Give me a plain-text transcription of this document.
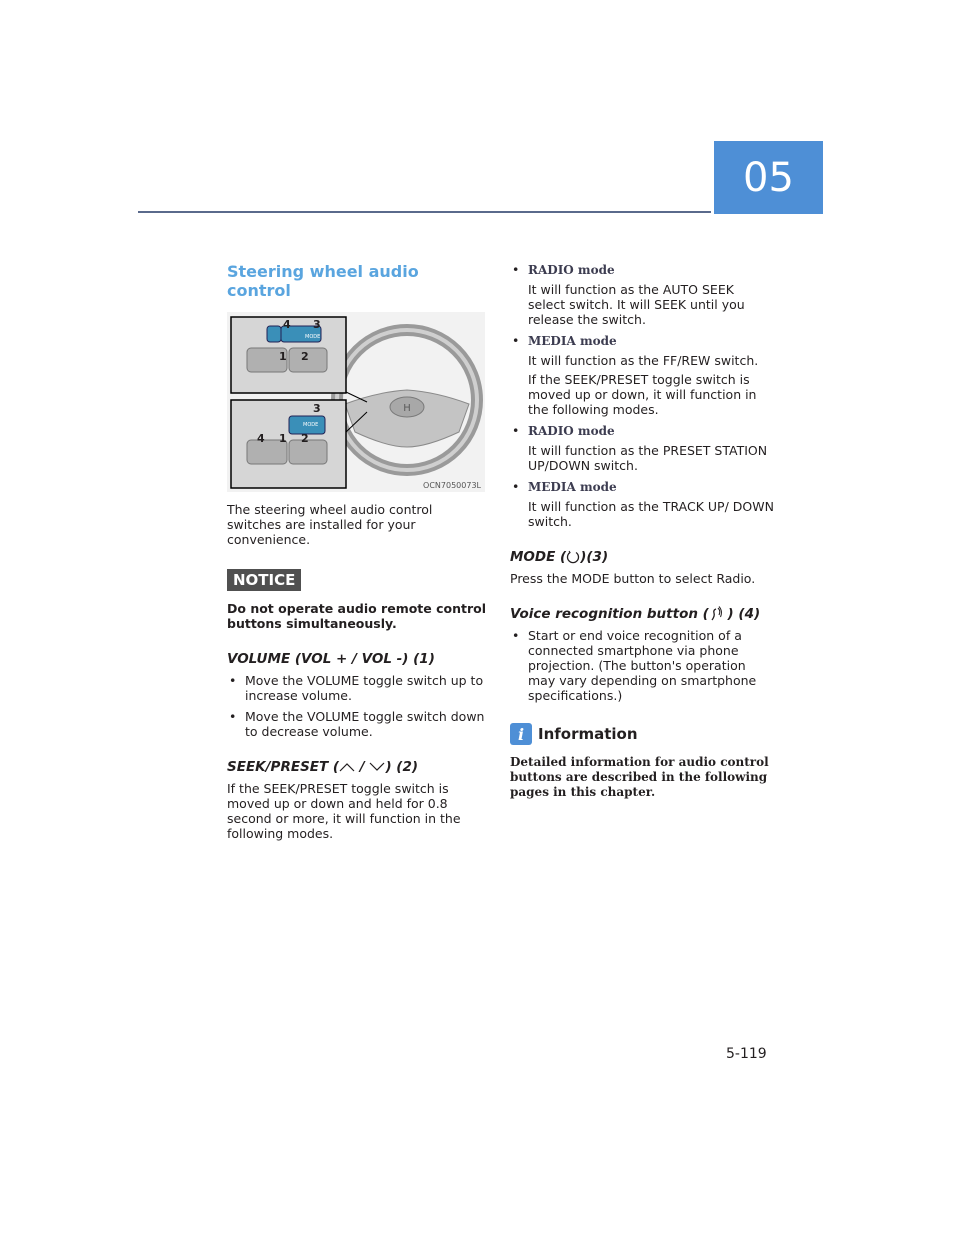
05
Steering wheel audio control
H
4 3
MODE
1 2
3
MODE
4 1 2
OCN7050073L

The steering wheel audio control switches are installed for your convenience.

NOTICE

Do not operate audio remote control buttons simultaneously.

VOLUME (VOL + / VOL -) (1)
• Move the VOLUME toggle switch up to increase volume.
• Move the VOLUME toggle switch down to decrease volume.
SEEK/PRESET ( / ) (2)

If the SEEK/PRESET toggle switch is moved up or down and held for 0.8 second or more, it will function in the following modes.

• RADIO mode
It will function as the AUTO SEEK select switch. It will SEEK until you release the switch.
• MEDIA mode
It will function as the FF/REW switch.
If the SEEK/PRESET toggle switch is moved up or down, it will function in the following modes.
• RADIO mode
It will function as the PRESET STATION UP/DOWN switch.
• MEDIA mode
It will function as the TRACK UP/ DOWN switch.
MODE ( )(3)

Press the MODE button to select Radio.

Voice recognition button ( ) (4)
• Start or end voice recognition of a connected smartphone via phone projection. (The button's operation may vary depending on smartphone specifications.)
i Information

Detailed information for audio control buttons are described in the following pages in this chapter.

5-119
